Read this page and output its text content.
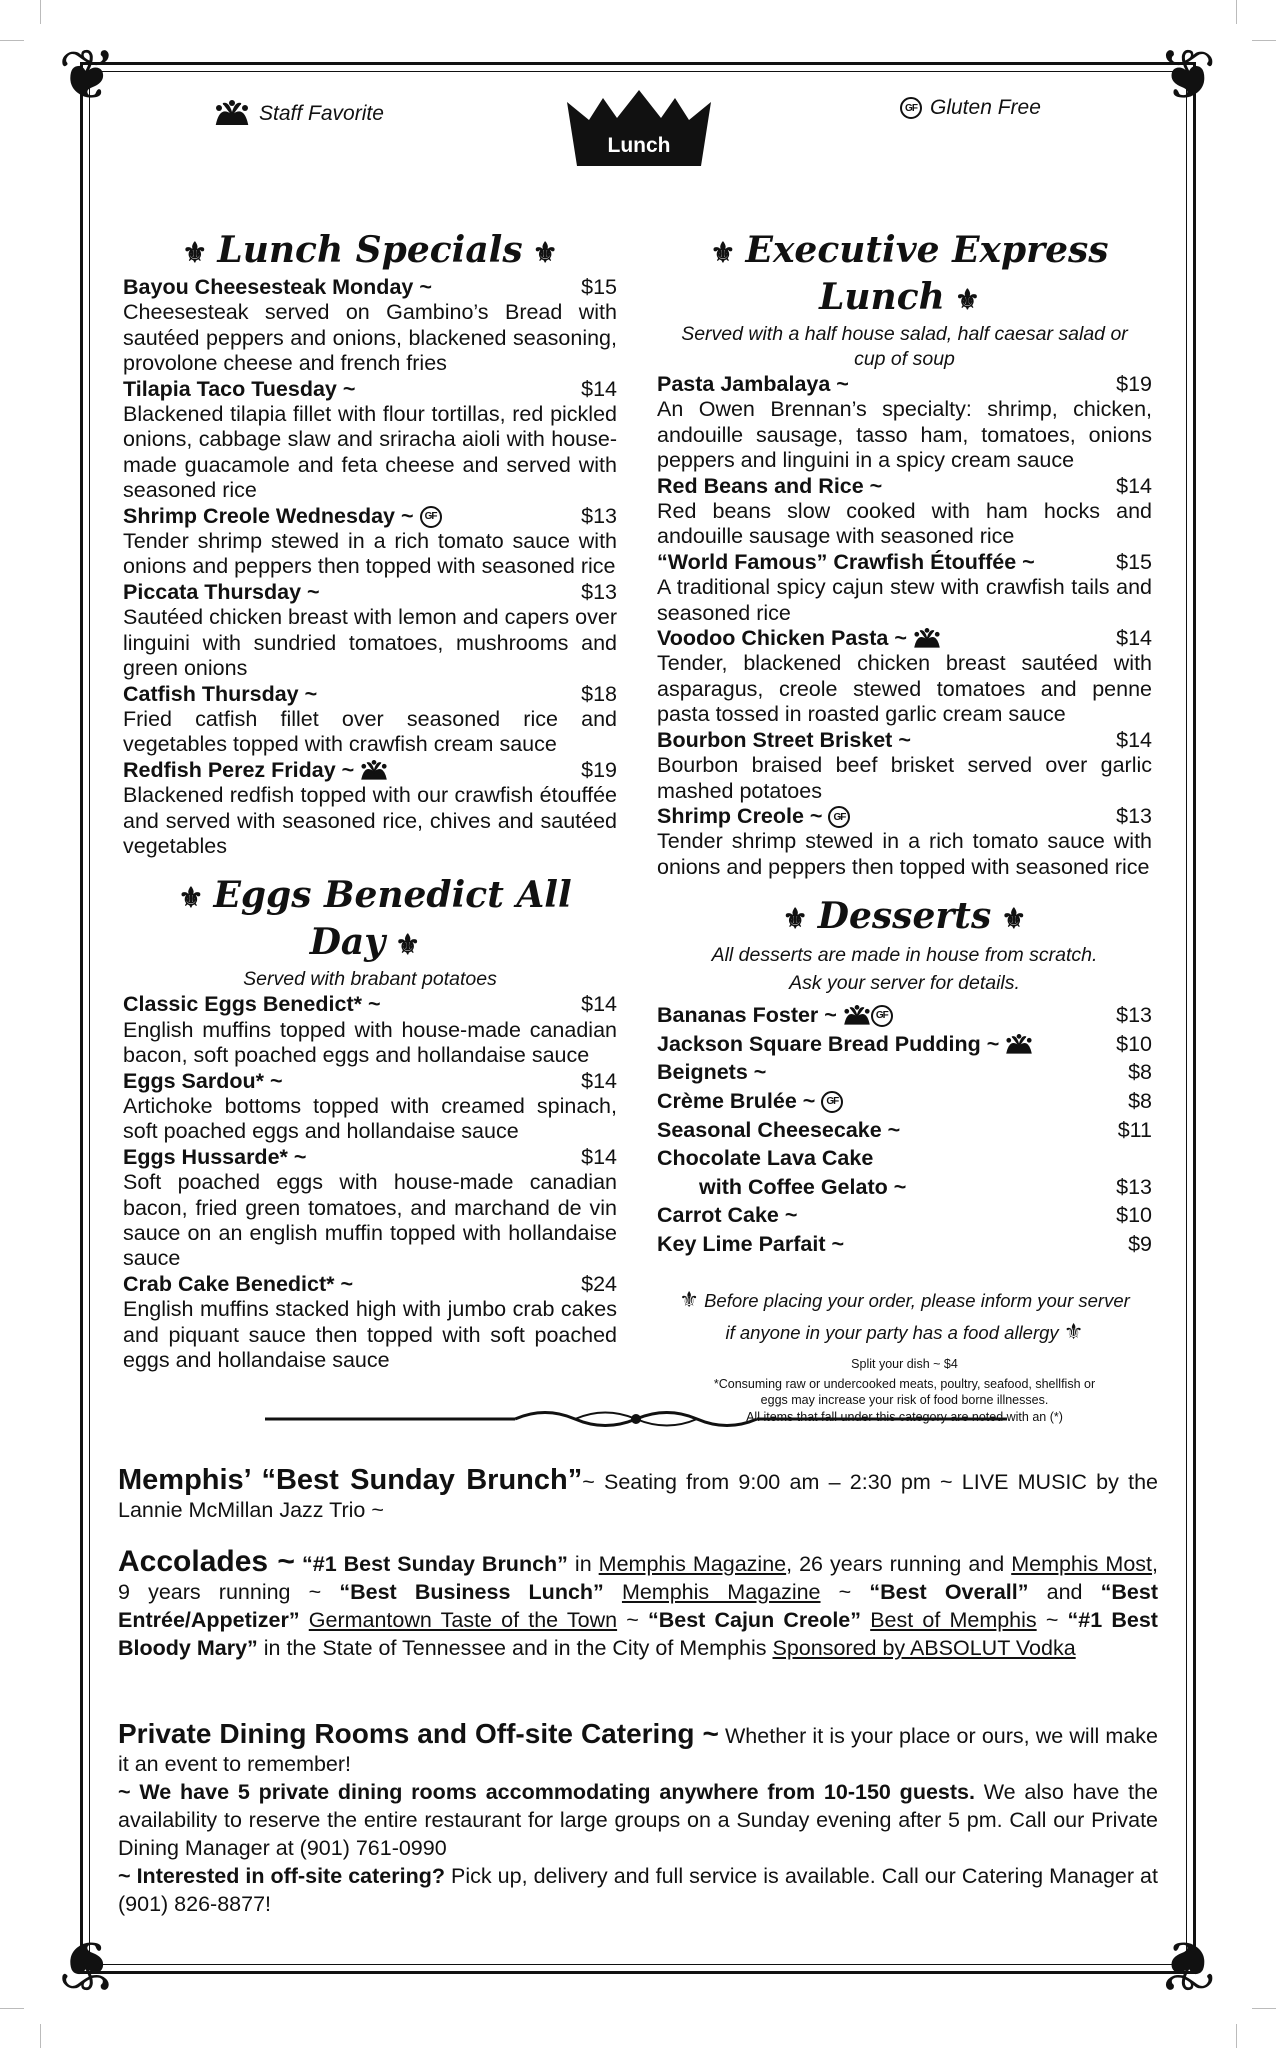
❦	❦
❦	❦
Staff Favorite	GF Gluten Free
Lunch
⚜ Lunch Specials ⚜
Bayou Cheesesteak Monday ~	$15
Cheesesteak served on Gambino’s Bread with sautéed peppers and onions, blackened seasoning, provolone cheese and french fries
Tilapia Taco Tuesday ~	$14
Blackened tilapia fillet with flour tortillas, red pickled onions, cabbage slaw and sriracha aioli with house-made guacamole and feta cheese and served with seasoned rice
Shrimp Creole Wednesday ~ GF	$13
Tender shrimp stewed in a rich tomato sauce with onions and peppers then topped with seasoned rice
Piccata Thursday ~	$13
Sautéed chicken breast with lemon and capers over linguini with sundried tomatoes, mushrooms and green onions
Catfish Thursday ~	$18
Fried catfish fillet over seasoned rice and vegetables topped with crawfish cream sauce
Redfish Perez Friday ~	$19
Blackened redfish topped with our crawfish étouffée and served with seasoned rice, chives and sautéed vegetables
⚜ Eggs Benedict All Day ⚜
Served with brabant potatoes
Classic Eggs Benedict* ~	$14
English muffins topped with house-made canadian bacon, soft poached eggs and hollandaise sauce
Eggs Sardou* ~	$14
Artichoke bottoms topped with creamed spinach, soft poached eggs and hollandaise sauce
Eggs Hussarde* ~	$14
Soft poached eggs with house-made canadian bacon, fried green tomatoes, and marchand de vin sauce on an english muffin topped with hollandaise sauce
Crab Cake Benedict* ~	$24
English muffins stacked high with jumbo crab cakes and piquant sauce then topped with soft poached eggs and hollandaise sauce
⚜ Executive Express Lunch ⚜
Served with a half house salad, half caesar salad or cup of soup
Pasta Jambalaya ~	$19
An Owen Brennan’s specialty: shrimp, chicken, andouille sausage, tasso ham, tomatoes, onions peppers and linguini in a spicy cream sauce
Red Beans and Rice ~	$14
Red beans slow cooked with ham hocks and andouille sausage with seasoned rice
“World Famous” Crawfish Étouffée ~	$15
A traditional spicy cajun stew with crawfish tails and seasoned rice
Voodoo Chicken Pasta ~	$14
Tender, blackened chicken breast sautéed with asparagus, creole stewed tomatoes and penne pasta tossed in roasted garlic cream sauce
Bourbon Street Brisket ~	$14
Bourbon braised beef brisket served over garlic mashed potatoes
Shrimp Creole ~ GF	$13
Tender shrimp stewed in a rich tomato sauce with onions and peppers then topped with seasoned rice
⚜ Desserts ⚜
All desserts are made in house from scratch.
Ask your server for details.
Bananas Foster ~	GF	$13
Jackson Square Bread Pudding ~	$10
Beignets ~	$8
Crème Brulée ~ GF	$8
Seasonal Cheesecake ~	$11
Chocolate Lava Cake
with Coffee Gelato ~	$13
Carrot Cake ~	$10
Key Lime Parfait ~	$9
⚜ Before placing your order, please inform your server
if anyone in your party has a food allergy ⚜
Split your dish ~ $4
*Consuming raw or undercooked meats, poultry, seafood, shellfish or
eggs may increase your risk of food borne illnesses.
All items that fall under this category are noted with an (*)
Memphis’ “Best Sunday Brunch”~ Seating from 9:00 am – 2:30 pm ~ LIVE MUSIC by the Lannie McMillan Jazz Trio ~
Accolades ~ “#1 Best Sunday Brunch” in Memphis Magazine, 26 years running and Memphis Most, 9 years running ~ “Best Business Lunch” Memphis Magazine ~ “Best Overall” and “Best Entrée/Appetizer” Germantown Taste of the Town ~ “Best Cajun Creole” Best of Memphis ~ “#1 Best Bloody Mary” in the State of Tennessee and in the City of Memphis Sponsored by ABSOLUT Vodka
Private Dining Rooms and Off-site Catering ~ Whether it is your place or ours, we will make it an event to remember!
~ We have 5 private dining rooms accommodating anywhere from 10-150 guests. We also have the availability to reserve the entire restaurant for large groups on a Sunday evening after 5 pm. Call our Private Dining Manager at (901) 761-0990
~ Interested in off-site catering? Pick up, delivery and full service is available. Call our Catering Manager at (901) 826-8877!
